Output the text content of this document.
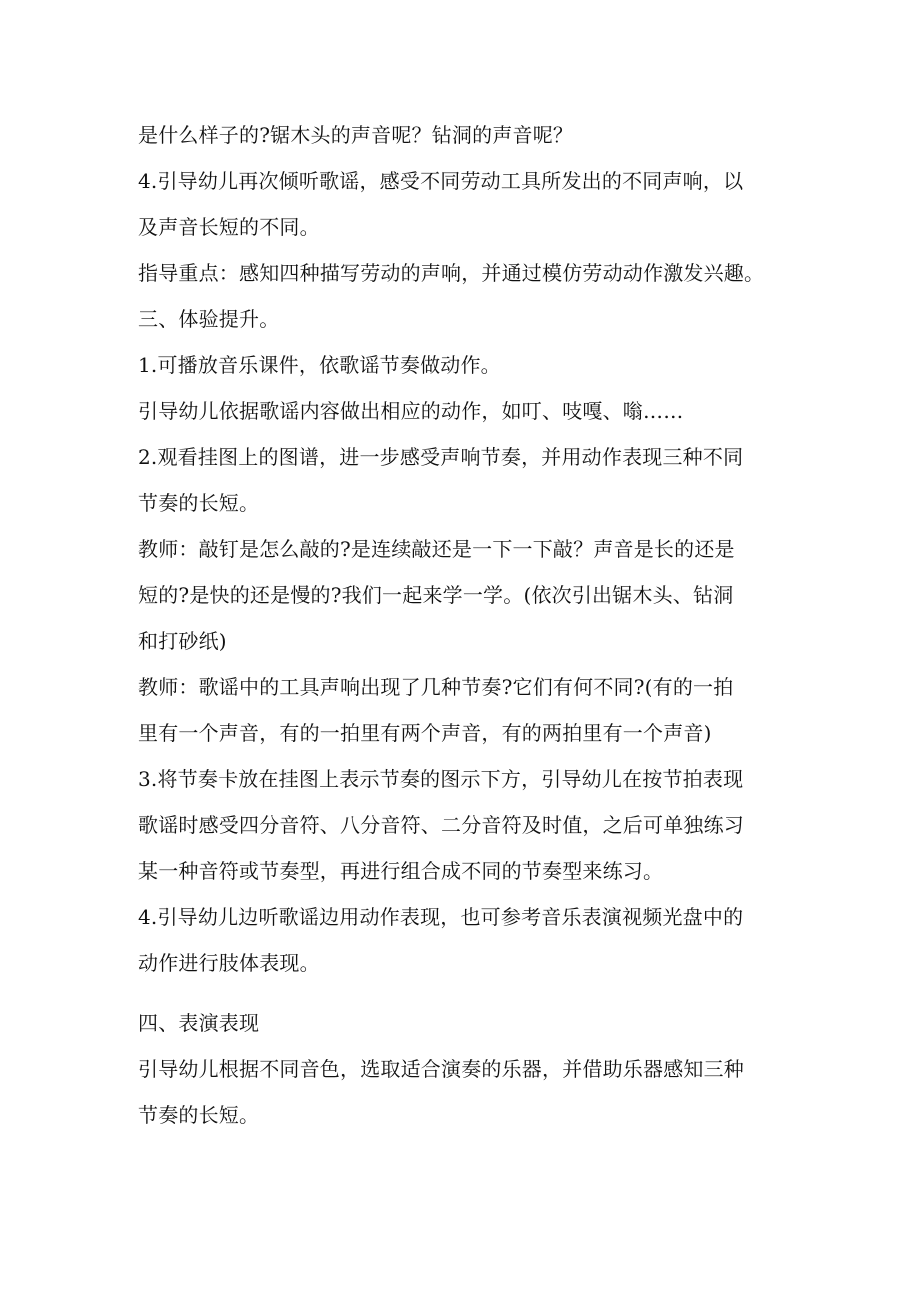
是什么样子的?锯木头的声音呢？钻洞的声音呢？
4.引导幼儿再次倾听歌谣，感受不同劳动工具所发出的不同声响，以
及声音长短的不同。
指导重点：感知四种描写劳动的声响，并通过模仿劳动动作激发兴趣。
三、体验提升。
1.可播放音乐课件，依歌谣节奏做动作。
引导幼儿依据歌谣内容做出相应的动作，如叮、吱嘎、嗡……
2.观看挂图上的图谱，进一步感受声响节奏，并用动作表现三种不同
节奏的长短。
教师：敲钉是怎么敲的?是连续敲还是一下一下敲？声音是长的还是
短的?是快的还是慢的?我们一起来学一学。(依次引出锯木头、钻洞
和打砂纸)
教师：歌谣中的工具声响出现了几种节奏?它们有何不同?(有的一拍
里有一个声音，有的一拍里有两个声音，有的两拍里有一个声音)
3.将节奏卡放在挂图上表示节奏的图示下方，引导幼儿在按节拍表现
歌谣时感受四分音符、八分音符、二分音符及时值，之后可单独练习
某一种音符或节奏型，再进行组合成不同的节奏型来练习。
4.引导幼儿边听歌谣边用动作表现，也可参考音乐表演视频光盘中的
动作进行肢体表现。
四、表演表现
引导幼儿根据不同音色，选取适合演奏的乐器，并借助乐器感知三种
节奏的长短。
